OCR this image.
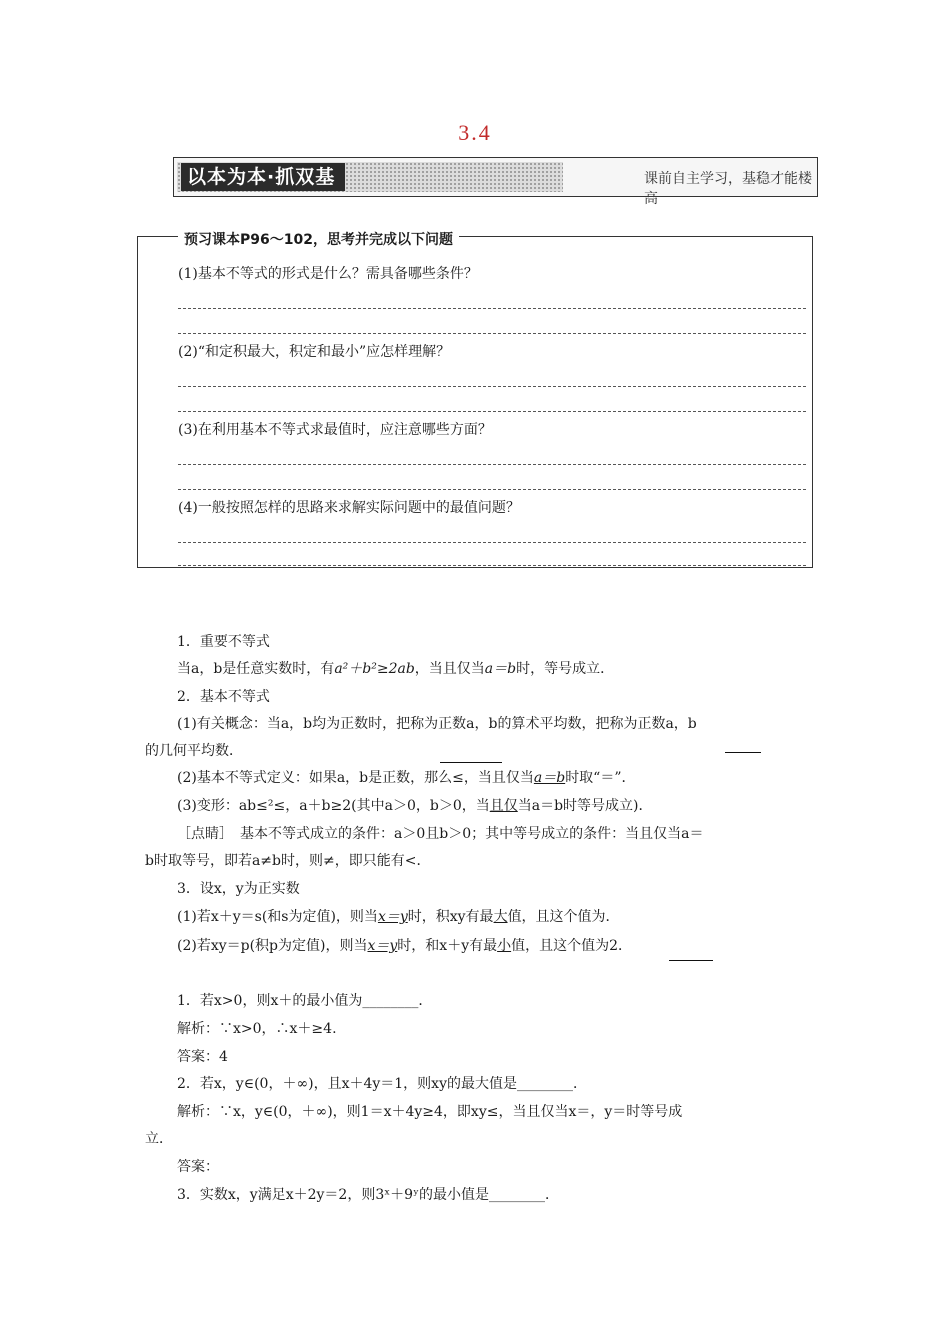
3.4
以本为本·抓双基	课前自主学习，基稳才能楼高
预习课本P96～102，思考并完成以下问题
(1)基本不等式的形式是什么？需具备哪些条件？
(2)“和定积最大，积定和最小”应怎样理解？
(3)在利用基本不等式求最值时，应注意哪些方面？
(4)一般按照怎样的思路来求解实际问题中的最值问题？
1．重要不等式
当a，b是任意实数时，有a²＋b²≥2ab，当且仅当a＝b时，等号成立．
2．基本不等式
(1)有关概念：当a，b均为正数时，把称为正数a，b的算术平均数，把称为正数a，b
的几何平均数．
(2)基本不等式定义：如果a，b是正数，那么≤，当且仅当a＝b时取“＝”．
(3)变形：ab≤²≤，a＋b≥2(其中a＞0，b＞0，当且仅当a＝b时等号成立)．
［点睛］　基本不等式成立的条件：a＞0且b＞0；其中等号成立的条件：当且仅当a＝
b时取等号，即若a≠b时，则≠，即只能有<．
3．设x，y为正实数
(1)若x＋y＝s(和s为定值)，则当x＝y时，积xy有最大值，且这个值为．
(2)若xy＝p(积p为定值)，则当x＝y时，和x＋y有最小值，且这个值为2．
1．若x>0，则x＋的最小值为________．
解析：∵x>0，∴x＋≥4.
答案：4
2．若x，y∈(0，＋∞)，且x＋4y＝1，则xy的最大值是________．
解析：∵x，y∈(0，＋∞)，则1＝x＋4y≥4，即xy≤，当且仅当x＝，y＝时等号成
立．
答案：
3．实数x，y满足x＋2y＝2，则3ˣ＋9ʸ的最小值是________．
